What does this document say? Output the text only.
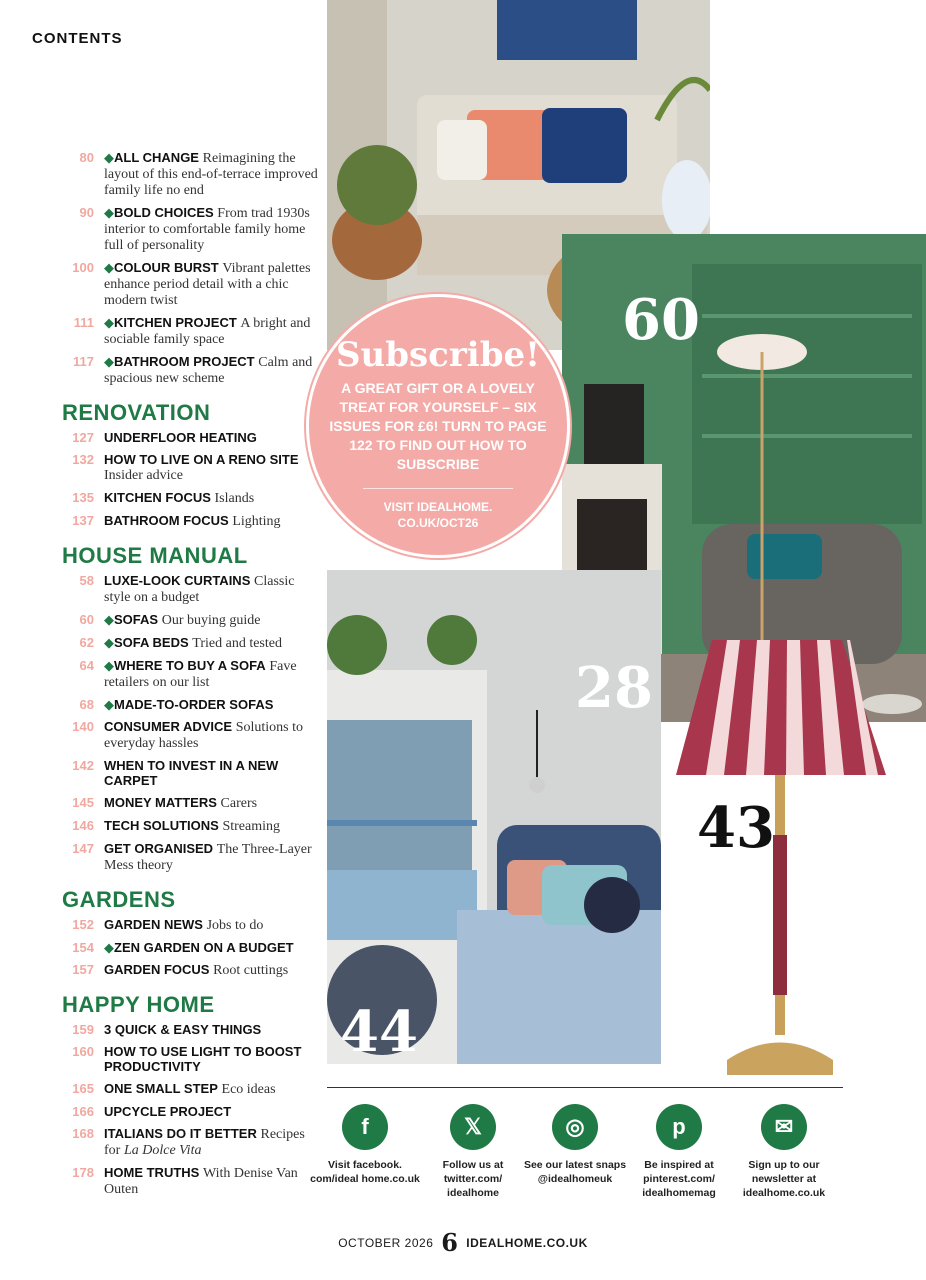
CONTENTS
80 ◆ALL CHANGE Reimagining the layout of this end-of-terrace improved family life no end
90 ◆BOLD CHOICES From trad 1930s interior to comfortable family home full of personality
100 ◆COLOUR BURST Vibrant palettes enhance period detail with a chic modern twist
111 ◆KITCHEN PROJECT A bright and sociable family space
117 ◆BATHROOM PROJECT Calm and spacious new scheme
RENOVATION
127 UNDERFLOOR HEATING
132 HOW TO LIVE ON A RENO SITE Insider advice
135 KITCHEN FOCUS Islands
137 BATHROOM FOCUS Lighting
HOUSE MANUAL
58 LUXE-LOOK CURTAINS Classic style on a budget
60 ◆SOFAS Our buying guide
62 ◆SOFA BEDS Tried and tested
64 ◆WHERE TO BUY A SOFA Fave retailers on our list
68 ◆MADE-TO-ORDER SOFAS
140 CONSUMER ADVICE Solutions to everyday hassles
142 WHEN TO INVEST IN A NEW CARPET
145 MONEY MATTERS Carers
146 TECH SOLUTIONS Streaming
147 GET ORGANISED The Three-Layer Mess theory
GARDENS
152 GARDEN NEWS Jobs to do
154 ◆ZEN GARDEN ON A BUDGET
157 GARDEN FOCUS Root cuttings
HAPPY HOME
159 3 QUICK & EASY THINGS
160 HOW TO USE LIGHT TO BOOST PRODUCTIVITY
165 ONE SMALL STEP Eco ideas
166 UPCYCLE PROJECT
168 ITALIANS DO IT BETTER Recipes for La Dolce Vita
178 HOME TRUTHS With Denise Van Outen
60
28
43
44
Subscribe!
A GREAT GIFT OR A LOVELY TREAT FOR YOURSELF – SIX ISSUES FOR £6! TURN TO PAGE 122 TO FIND OUT HOW TO SUBSCRIBE
VISIT IDEALHOME. CO.UK/OCT26
f
Visit facebook. com/ideal home.co.uk
𝕏
Follow us at twitter.com/ idealhome
◎
See our latest snaps @idealhomeuk
p
Be inspired at pinterest.com/ idealhomemag
✉
Sign up to our newsletter at idealhome.co.uk
OCTOBER 2026 6 IDEALHOME.CO.UK
